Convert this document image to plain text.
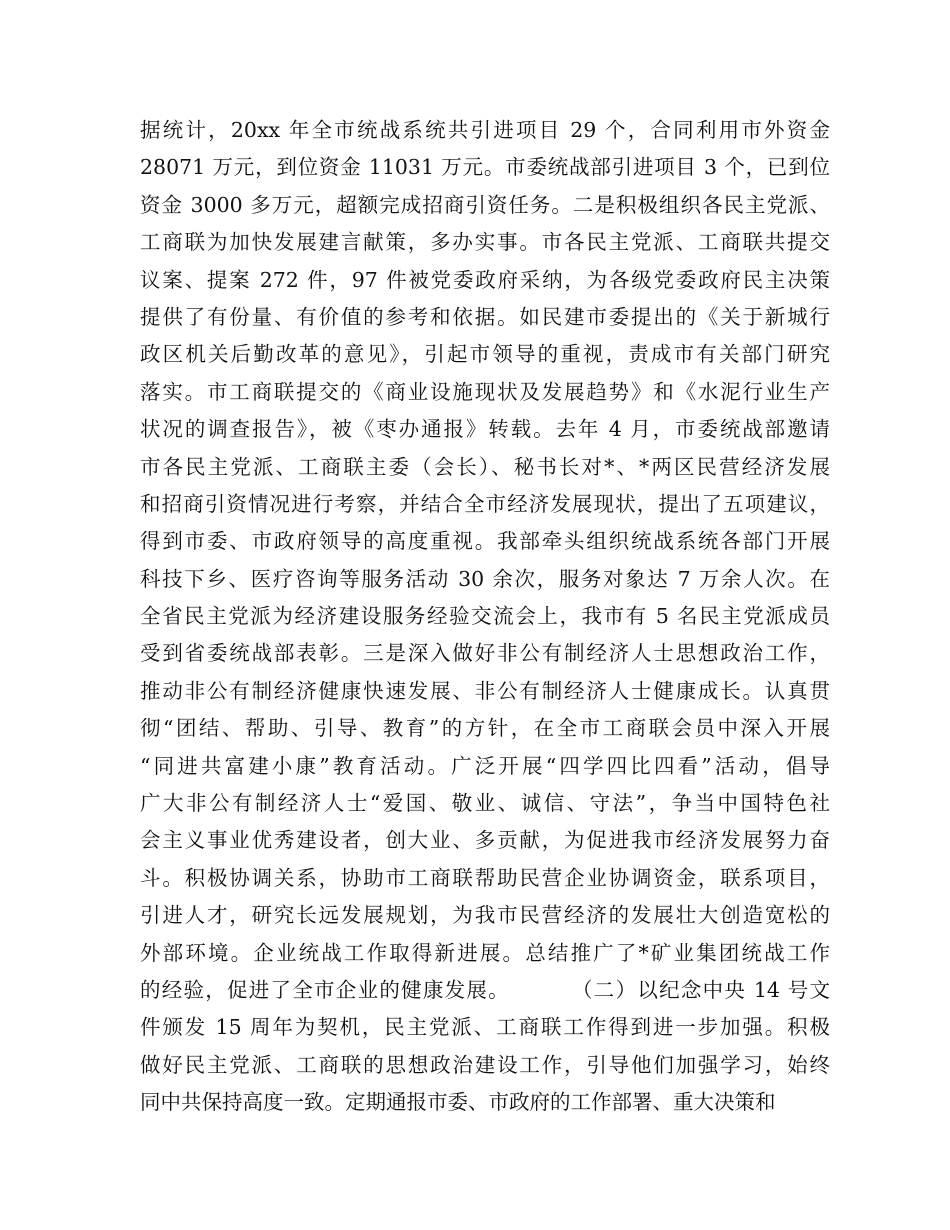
据统计，20xx 年全市统战系统共引进项目 29 个，合同利用市外资金
28071 万元，到位资金 11031 万元。市委统战部引进项目 3 个，已到位
资金 3000 多万元，超额完成招商引资任务。二是积极组织各民主党派、
工商联为加快发展建言献策，多办实事。市各民主党派、工商联共提交
议案、提案 272 件，97 件被党委政府采纳，为各级党委政府民主决策
提供了有份量、有价值的参考和依据。如民建市委提出的《关于新城行
政区机关后勤改革的意见》，引起市领导的重视，责成市有关部门研究
落实。市工商联提交的《商业设施现状及发展趋势》和《水泥行业生产
状况的调查报告》，被《枣办通报》转载。去年 4 月，市委统战部邀请
市各民主党派、工商联主委（会长）、秘书长对*、*两区民营经济发展
和招商引资情况进行考察，并结合全市经济发展现状，提出了五项建议，
得到市委、市政府领导的高度重视。我部牵头组织统战系统各部门开展
科技下乡、医疗咨询等服务活动 30 余次，服务对象达 7 万余人次。在
全省民主党派为经济建设服务经验交流会上，我市有 5 名民主党派成员
受到省委统战部表彰。三是深入做好非公有制经济人士思想政治工作，
推动非公有制经济健康快速发展、非公有制经济人士健康成长。认真贯
彻“团结、帮助、引导、教育”的方针，在全市工商联会员中深入开展
“同进共富建小康”教育活动。广泛开展“四学四比四看”活动，倡导
广大非公有制经济人士“爱国、敬业、诚信、守法”，争当中国特色社
会主义事业优秀建设者，创大业、多贡献，为促进我市经济发展努力奋
斗。积极协调关系，协助市工商联帮助民营企业协调资金，联系项目，
引进人才，研究长远发展规划，为我市民营经济的发展壮大创造宽松的
外部环境。企业统战工作取得新进展。总结推广了*矿业集团统战工作
的经验，促进了全市企业的健康发展。        （二）以纪念中央 14 号文
件颁发 15 周年为契机，民主党派、工商联工作得到进一步加强。积极
做好民主党派、工商联的思想政治建设工作，引导他们加强学习，始终
同中共保持高度一致。定期通报市委、市政府的工作部署、重大决策和
